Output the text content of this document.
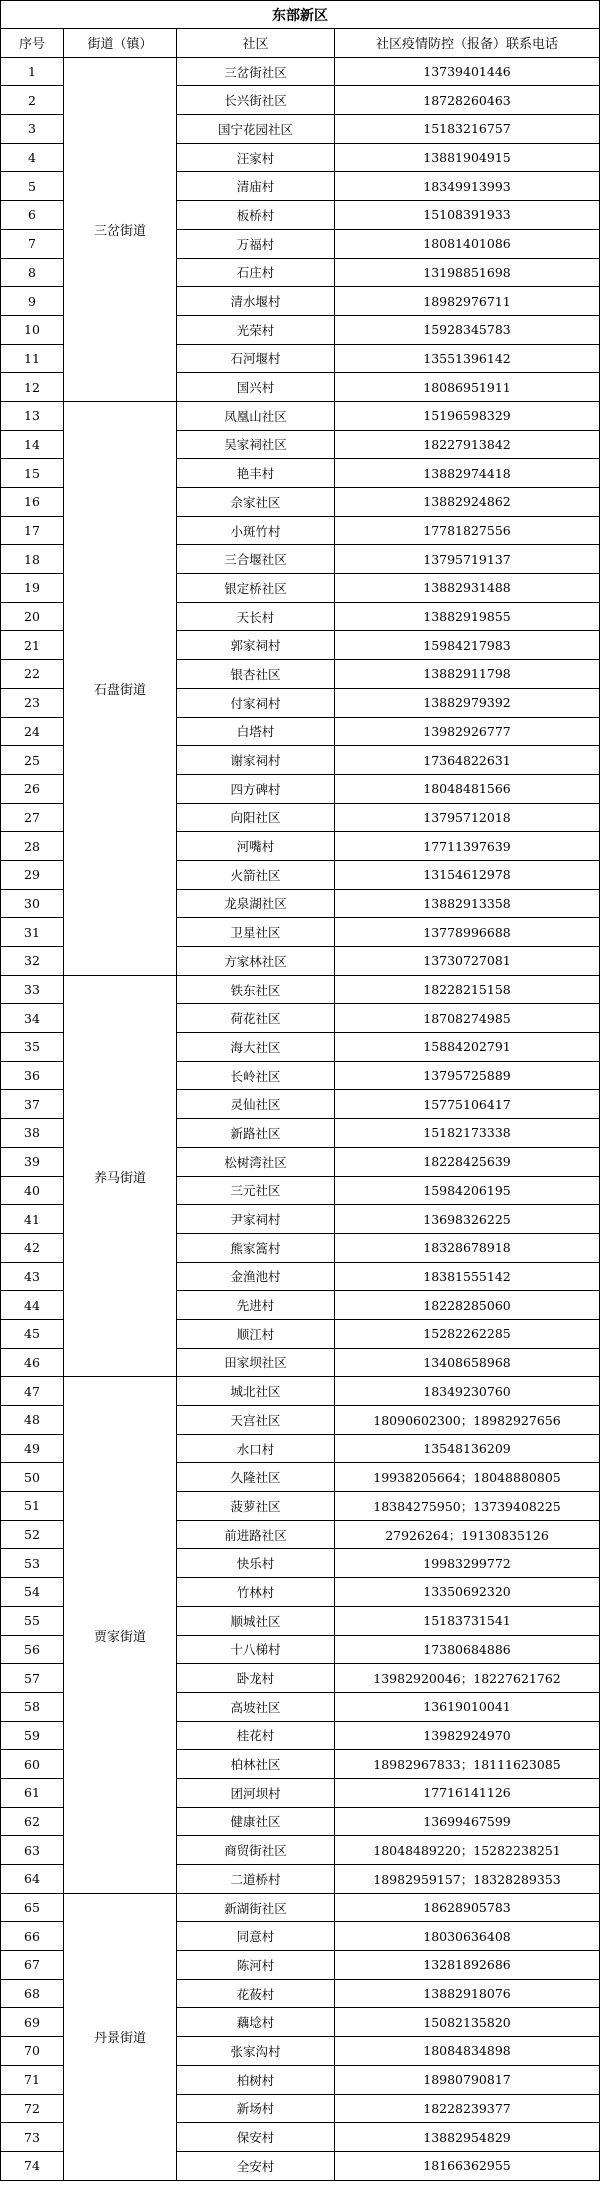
东部新区			
序号	街道（镇）	社区	社区疫情防控（报备）联系电话
1	三岔街道	三岔街社区	13739401446
2		长兴街社区	18728260463
3		国宁花园社区	15183216757
4		汪家村	13881904915
5		清庙村	18349913993
6		板桥村	15108391933
7		万福村	18081401086
8		石庄村	13198851698
9		清水堰村	18982976711
10		光荣村	15928345783
11		石河堰村	13551396142
12		国兴村	18086951911
13	石盘街道	凤凰山社区	15196598329
14		吴家祠社区	18227913842
15		艳丰村	13882974418
16		佘家社区	13882924862
17		小斑竹村	17781827556
18		三合堰社区	13795719137
19		银定桥社区	13882931488
20		天长村	13882919855
21		郭家祠村	15984217983
22		银杏社区	13882911798
23		付家祠村	13882979392
24		白塔村	13982926777
25		谢家祠村	17364822631
26		四方碑村	18048481566
27		向阳社区	13795712018
28		河嘴村	17711397639
29		火箭社区	13154612978
30		龙泉湖社区	13882913358
31		卫星社区	13778996688
32		方家林社区	13730727081
33	养马街道	铁东社区	18228215158
34		荷花社区	18708274985
35		海大社区	15884202791
36		长岭社区	13795725889
37		灵仙社区	15775106417
38		新路社区	15182173338
39		松树湾社区	18228425639
40		三元社区	15984206195
41		尹家祠村	13698326225
42		熊家篙村	18328678918
43		金渔池村	18381555142
44		先进村	18228285060
45		顺江村	15282262285
46		田家坝社区	13408658968
47	贾家街道	城北社区	18349230760
48		天宫社区	18090602300；18982927656
49		水口村	13548136209
50		久隆社区	19938205664；18048880805
51		菠萝社区	18384275950；13739408225
52		前进路社区	27926264；19130835126
53		快乐村	19983299772
54		竹林村	13350692320
55		顺城社区	15183731541
56		十八梯村	17380684886
57		卧龙村	13982920046；18227621762
58		高坡社区	13619010041
59		桂花村	13982924970
60		柏林社区	18982967833；18111623085
61		团河坝村	17716141126
62		健康社区	13699467599
63		商贸街社区	18048489220；15282238251
64		二道桥村	18982959157；18328289353
65	丹景街道	新湖街社区	18628905783
66		同意村	18030636408
67		陈河村	13281892686
68		花莜村	13882918076
69		藕埝村	15082135820
70		张家沟村	18084834898
71		柏树村	18980790817
72		新场村	18228239377
73		保安村	13882954829
74		全安村	18166362955
